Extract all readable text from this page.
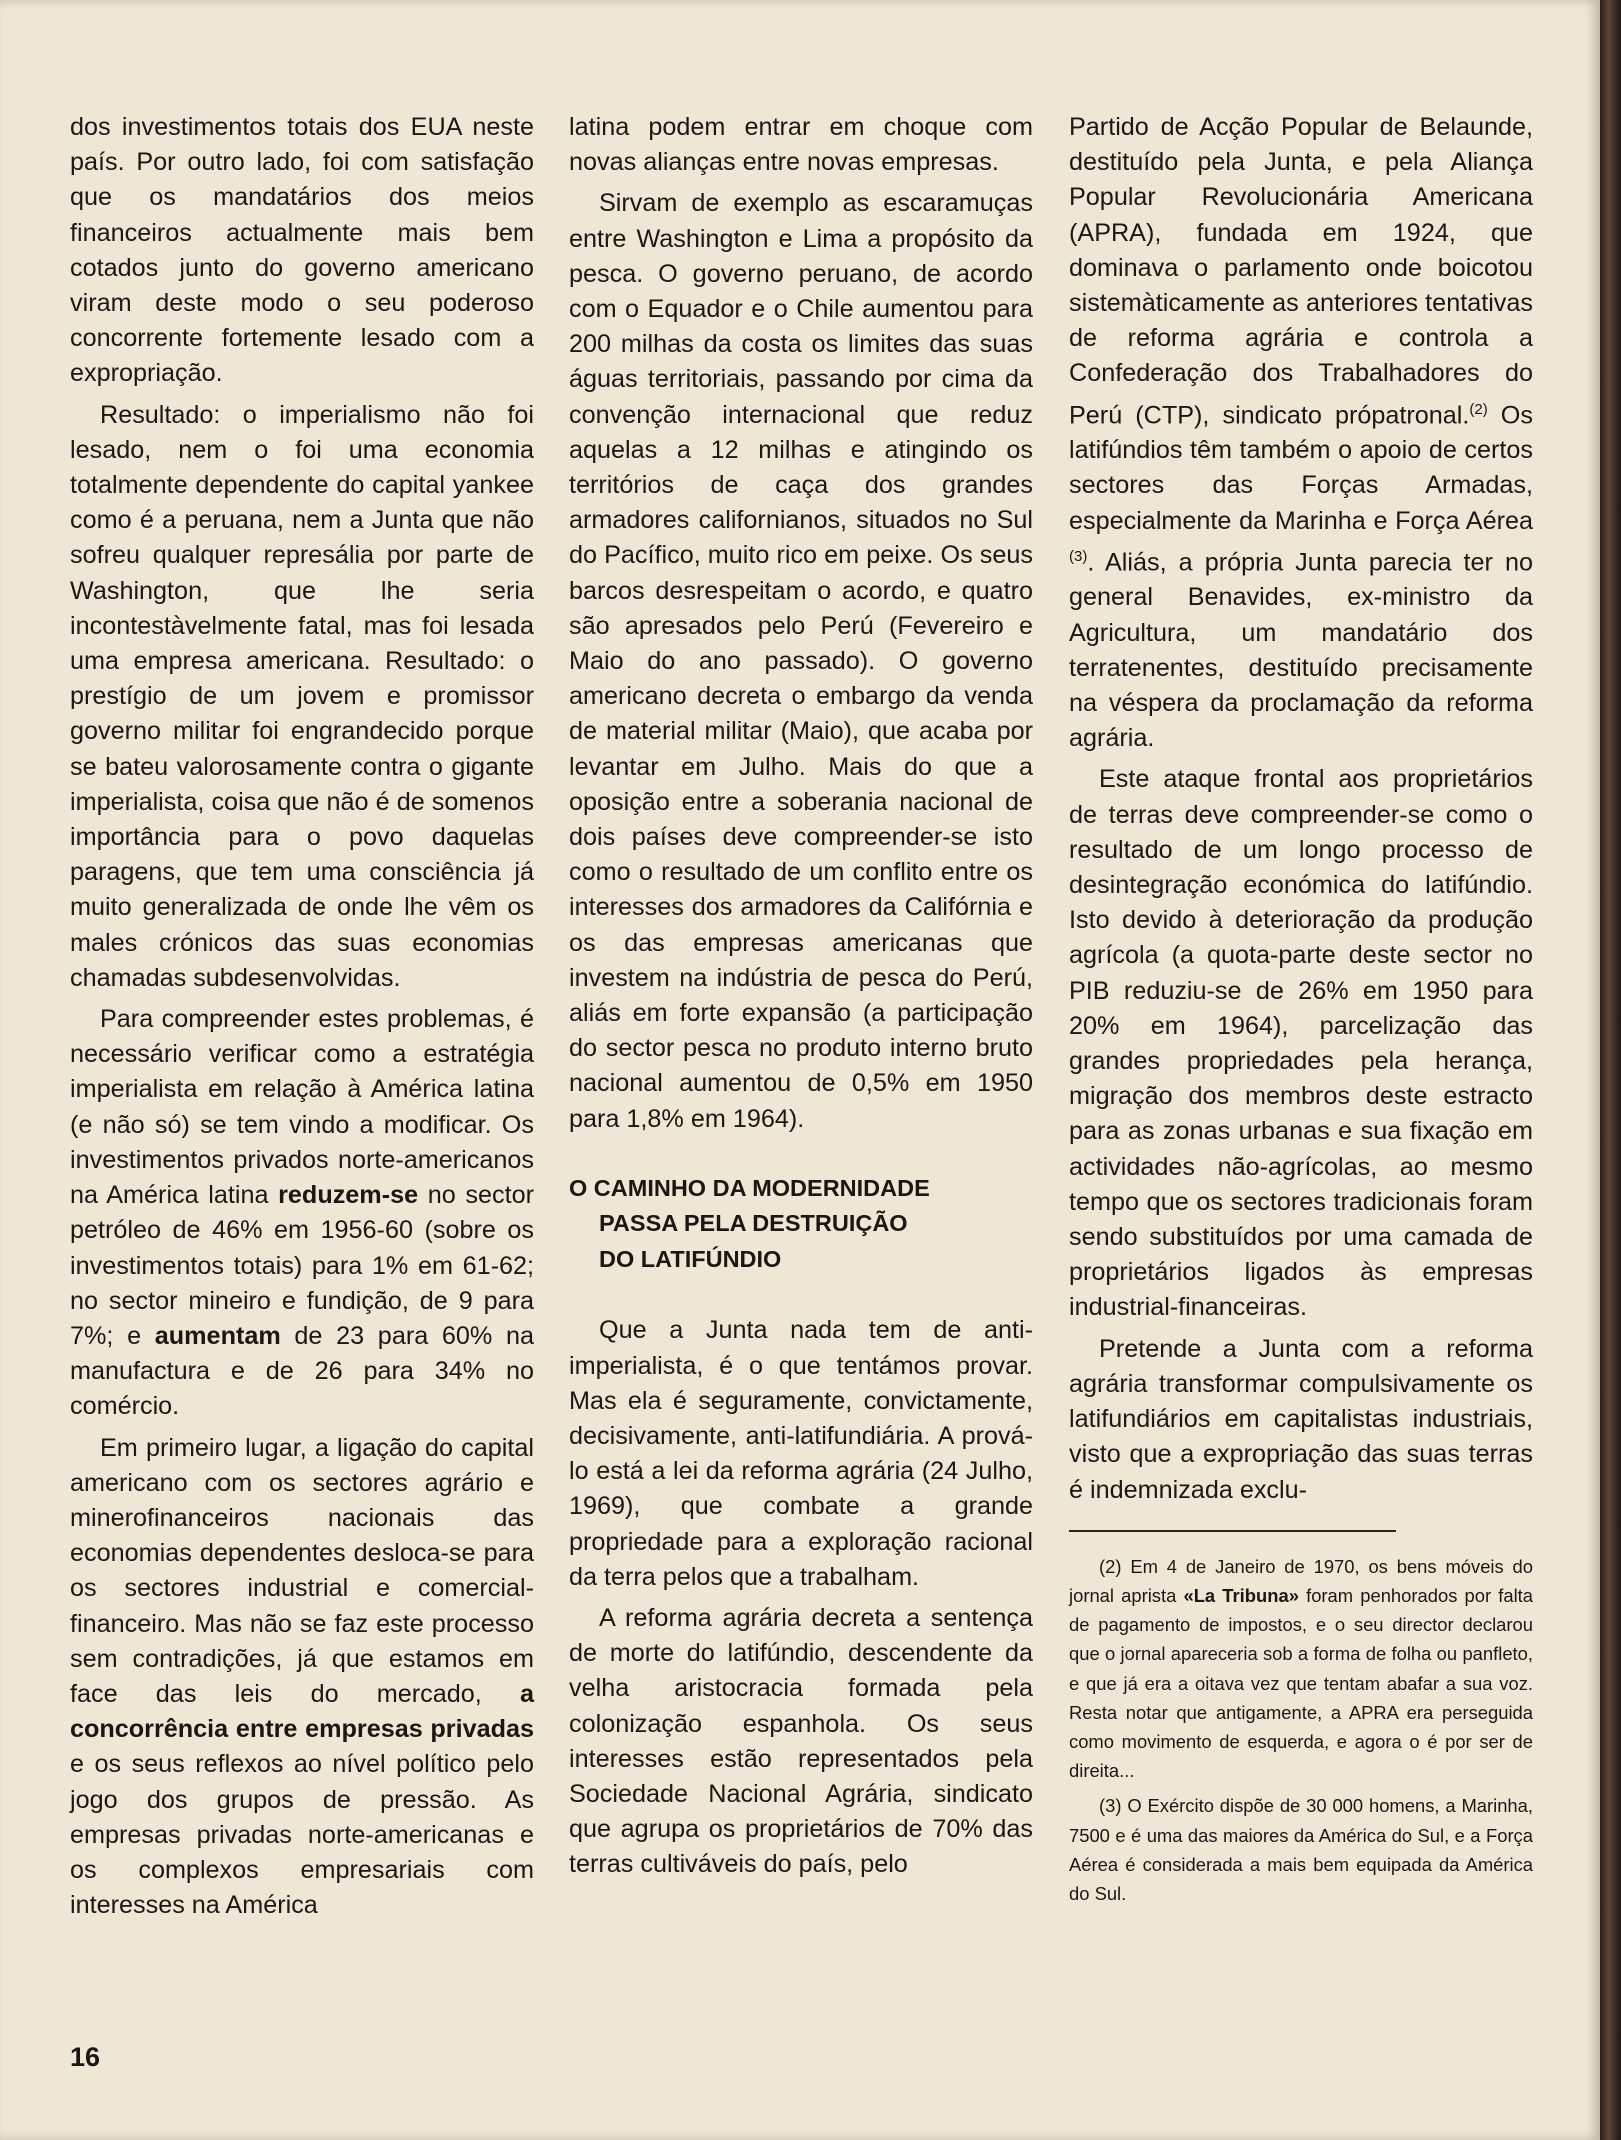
dos investimentos totais dos EUA neste país. Por outro lado, foi com satisfação que os mandatários dos meios financeiros actualmente mais bem cotados junto do governo americano viram deste modo o seu poderoso concorrente fortemente lesado com a expropriação.

Resultado: o imperialismo não foi lesado, nem o foi uma economia totalmente dependente do capital yankee como é a peruana, nem a Junta que não sofreu qualquer represália por parte de Washington, que lhe seria incontestàvelmente fatal, mas foi lesada uma empresa americana. Resultado: o prestígio de um jovem e promissor governo militar foi engrandecido porque se bateu valorosamente contra o gigante imperialista, coisa que não é de somenos importância para o povo daquelas paragens, que tem uma consciência já muito generalizada de onde lhe vêm os males crónicos das suas economias chamadas subdesenvolvidas.

Para compreender estes problemas, é necessário verificar como a estratégia imperialista em relação à América latina (e não só) se tem vindo a modificar. Os investimentos privados norte-americanos na América latina reduzem-se no sector petróleo de 46% em 1956-60 (sobre os investimentos totais) para 1% em 61-62; no sector mineiro e fundição, de 9 para 7%; e aumentam de 23 para 60% na manufactura e de 26 para 34% no comércio.

Em primeiro lugar, a ligação do capital americano com os sectores agrário e minerofinanceiros nacionais das economias dependentes desloca-se para os sectores industrial e comercial-financeiro. Mas não se faz este processo sem contradições, já que estamos em face das leis do mercado, a concorrência entre empresas privadas e os seus reflexos ao nível político pelo jogo dos grupos de pressão. As empresas privadas norte-americanas e os complexos empresariais com interesses na América

latina podem entrar em choque com novas alianças entre novas empresas.

Sirvam de exemplo as escaramuças entre Washington e Lima a propósito da pesca. O governo peruano, de acordo com o Equador e o Chile aumentou para 200 milhas da costa os limites das suas águas territoriais, passando por cima da convenção internacional que reduz aquelas a 12 milhas e atingindo os territórios de caça dos grandes armadores californianos, situados no Sul do Pacífico, muito rico em peixe. Os seus barcos desrespeitam o acordo, e quatro são apresados pelo Perú (Fevereiro e Maio do ano passado). O governo americano decreta o embargo da venda de material militar (Maio), que acaba por levantar em Julho. Mais do que a oposição entre a soberania nacional de dois países deve compreender-se isto como o resultado de um conflito entre os interesses dos armadores da Califórnia e os das empresas americanas que investem na indústria de pesca do Perú, aliás em forte expansão (a participação do sector pesca no produto interno bruto nacional aumentou de 0,5% em 1950 para 1,8% em 1964).

O CAMINHO DA MODERNIDADE
PASSA PELA DESTRUIÇÃO
DO LATIFÚNDIO

Que a Junta nada tem de anti-imperialista, é o que tentámos provar. Mas ela é seguramente, convictamente, decisivamente, anti-latifundiária. A prová-lo está a lei da reforma agrária (24 Julho, 1969), que combate a grande propriedade para a exploração racional da terra pelos que a trabalham.

A reforma agrária decreta a sentença de morte do latifúndio, descendente da velha aristocracia formada pela colonização espanhola. Os seus interesses estão representados pela Sociedade Nacional Agrária, sindicato que agrupa os proprietários de 70% das terras cultiváveis do país, pelo

Partido de Acção Popular de Belaunde, destituído pela Junta, e pela Aliança Popular Revolucionária Americana (APRA), fundada em 1924, que dominava o parlamento onde boicotou sistemàticamente as anteriores tentativas de reforma agrária e controla a Confederação dos Trabalhadores do Perú (CTP), sindicato própatronal.$^{(2)}$ Os latifúndios têm também o apoio de certos sectores das Forças Armadas, especialmente da Marinha e Força Aérea $^{(3)}$. Aliás, a própria Junta parecia ter no general Benavides, ex-ministro da Agricultura, um mandatário dos terratenentes, destituído precisamente na véspera da proclamação da reforma agrária.

Este ataque frontal aos proprietários de terras deve compreender-se como o resultado de um longo processo de desintegração económica do latifúndio. Isto devido à deterioração da produção agrícola (a quota-parte deste sector no PIB reduziu-se de 26% em 1950 para 20% em 1964), parcelização das grandes propriedades pela herança, migração dos membros deste estracto para as zonas urbanas e sua fixação em actividades não-agrícolas, ao mesmo tempo que os sectores tradicionais foram sendo substituídos por uma camada de proprietários ligados às empresas industrial-financeiras.

Pretende a Junta com a reforma agrária transformar compulsivamente os latifundiários em capitalistas industriais, visto que a expropriação das suas terras é indemnizada exclu-

(2) Em 4 de Janeiro de 1970, os bens móveis do jornal aprista «La Tribuna» foram penhorados por falta de pagamento de impostos, e o seu director declarou que o jornal apareceria sob a forma de folha ou panfleto, e que já era a oitava vez que tentam abafar a sua voz. Resta notar que antigamente, a APRA era perseguida como movimento de esquerda, e agora o é por ser de direita...

(3) O Exército dispõe de 30 000 homens, a Marinha, 7500 e é uma das maiores da América do Sul, e a Força Aérea é considerada a mais bem equipada da América do Sul.

16
